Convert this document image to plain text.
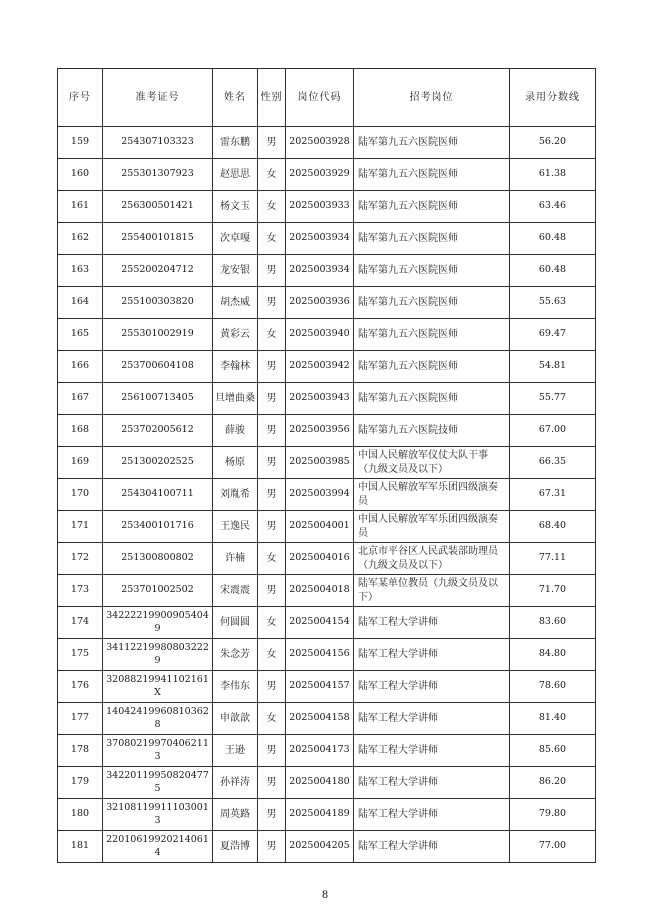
序号	准考证号	姓名	性别	岗位代码	招考岗位	录用分数线
159	254307103323	雷东鹏	男	2025003928	陆军第九五六医院医师	56.20
160	255301307923	赵思思	女	2025003929	陆军第九五六医院医师	61.38
161	256300501421	杨文玉	女	2025003933	陆军第九五六医院医师	63.46
162	255400101815	次卓嘎	女	2025003934	陆军第九五六医院医师	60.48
163	255200204712	龙安银	男	2025003934	陆军第九五六医院医师	60.48
164	255100303820	胡杰威	男	2025003936	陆军第九五六医院医师	55.63
165	255301002919	黄彩云	女	2025003940	陆军第九五六医院医师	69.47
166	253700604108	李翰林	男	2025003942	陆军第九五六医院医师	54.81
167	256100713405	旦增曲桑	男	2025003943	陆军第九五六医院医师	55.77
168	253702005612	薛骏	男	2025003956	陆军第九五六医院技师	67.00
169	251300202525	杨原	男	2025003985	中国人民解放军仪仗大队干事（九级文员及以下）	66.35
170	254304100711	刘胤希	男	2025003994	中国人民解放军军乐团四级演奏员	67.31
171	253400101716	王逸民	男	2025004001	中国人民解放军军乐团四级演奏员	68.40
172	251300800802	许楠	女	2025004016	北京市平谷区人民武装部助理员（九级文员及以下）	77.11
173	253701002502	宋震震	男	2025004018	陆军某单位教员（九级文员及以下）	71.70
174	342222199009054049	何圆圆	女	2025004154	陆军工程大学讲师	83.60
175	341122199808032229	朱念芳	女	2025004156	陆军工程大学讲师	84.80
176	32088219941102161X	李伟东	男	2025004157	陆军工程大学讲师	78.60
177	140424199608103628	申歆歆	女	2025004158	陆军工程大学讲师	81.40
178	370802199704062113	王逊	男	2025004173	陆军工程大学讲师	85.60
179	342201199508204775	孙祥涛	男	2025004180	陆军工程大学讲师	86.20
180	321081199111030013	周英路	男	2025004189	陆军工程大学讲师	79.80
181	220106199202140614	夏浩博	男	2025004205	陆军工程大学讲师	77.00
8
